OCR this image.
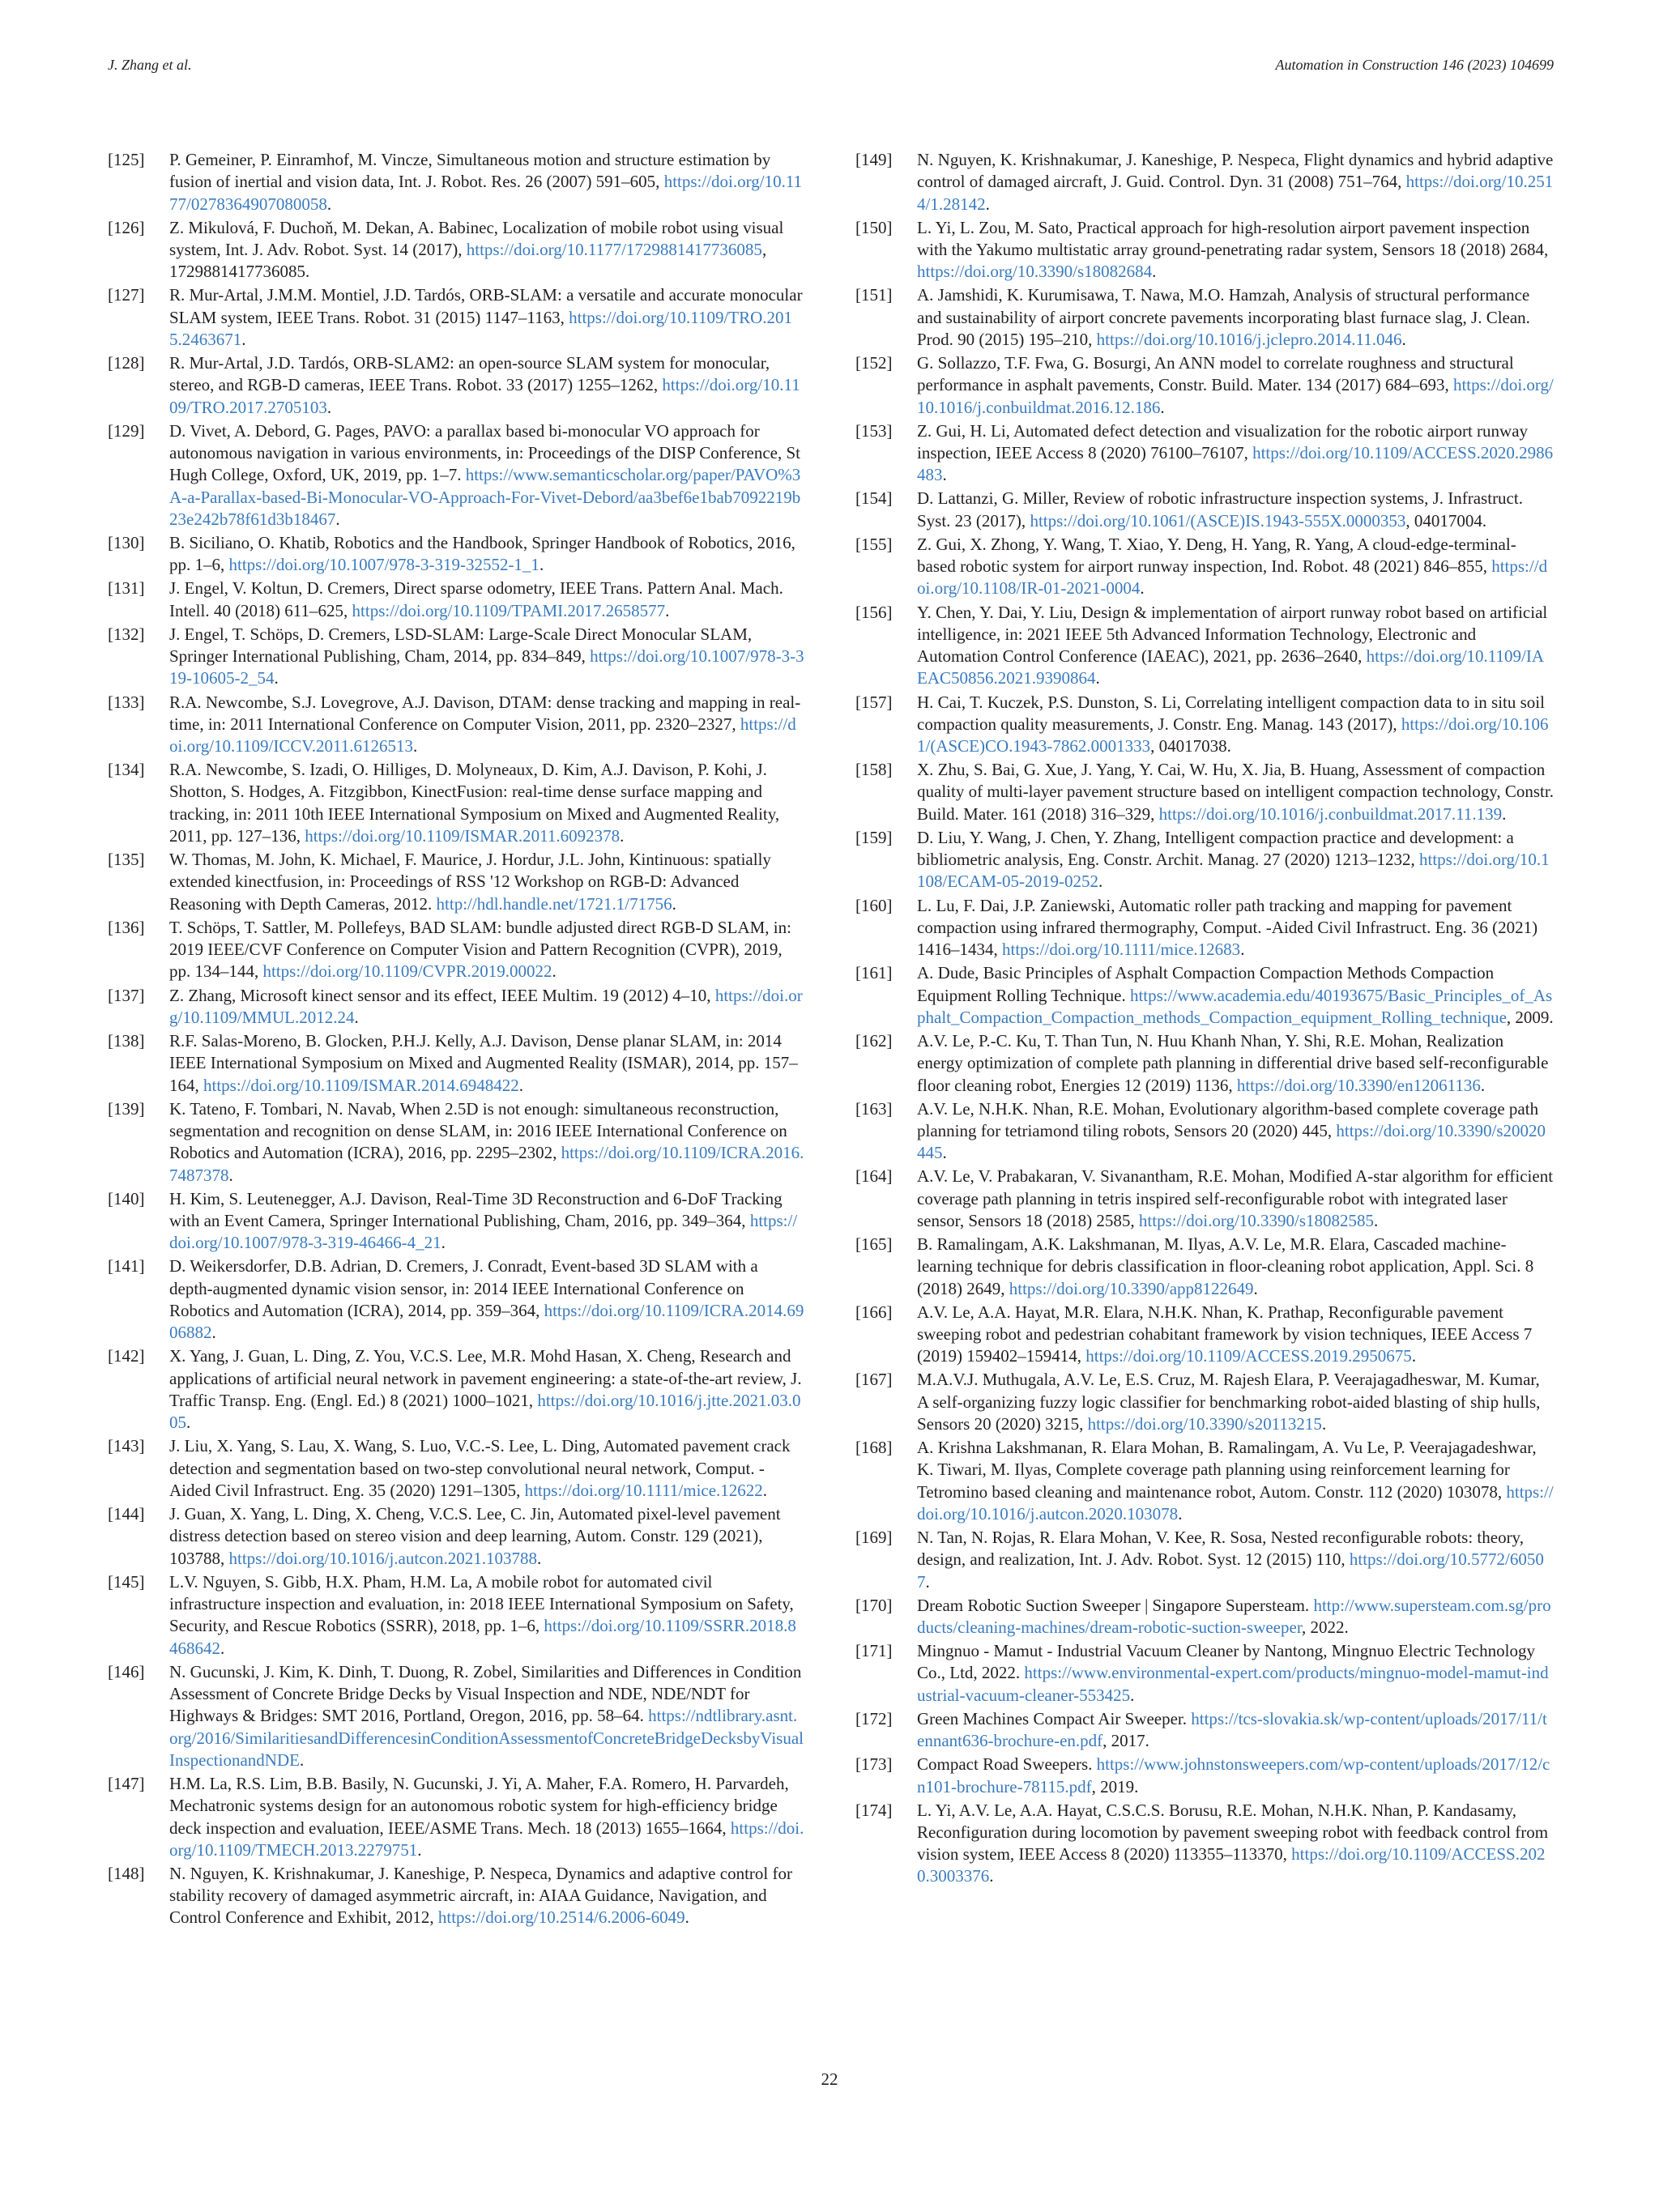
J. Zhang et al.	Automation in Construction 146 (2023) 104699
[125] P. Gemeiner, P. Einramhof, M. Vincze, Simultaneous motion and structure estimation by fusion of inertial and vision data, Int. J. Robot. Res. 26 (2007) 591–605, https://doi.org/10.1177/0278364907080058.
[126] Z. Mikulová, F. Duchoň, M. Dekan, A. Babinec, Localization of mobile robot using visual system, Int. J. Adv. Robot. Syst. 14 (2017), https://doi.org/10.1177/1729881417736085, 1729881417736085.
[127] R. Mur-Artal, J.M.M. Montiel, J.D. Tardós, ORB-SLAM: a versatile and accurate monocular SLAM system, IEEE Trans. Robot. 31 (2015) 1147–1163, https://doi.org/10.1109/TRO.2015.2463671.
[128] R. Mur-Artal, J.D. Tardós, ORB-SLAM2: an open-source SLAM system for monocular, stereo, and RGB-D cameras, IEEE Trans. Robot. 33 (2017) 1255–1262, https://doi.org/10.1109/TRO.2017.2705103.
[129] D. Vivet, A. Debord, G. Pages, PAVO: a parallax based bi-monocular VO approach for autonomous navigation in various environments, in: Proceedings of the DISP Conference, St Hugh College, Oxford, UK, 2019, pp. 1–7. https://www.semanticscholar.org/paper/PAVO%3A-a-Parallax-based-Bi-Monocular-VO-Approach-For-Vivet-Debord/aa3bef6e1bab7092219b23e242b78f61d3b18467.
[130] B. Siciliano, O. Khatib, Robotics and the Handbook, Springer Handbook of Robotics, 2016, pp. 1–6, https://doi.org/10.1007/978-3-319-32552-1_1.
[131] J. Engel, V. Koltun, D. Cremers, Direct sparse odometry, IEEE Trans. Pattern Anal. Mach. Intell. 40 (2018) 611–625, https://doi.org/10.1109/TPAMI.2017.2658577.
[132] J. Engel, T. Schöps, D. Cremers, LSD-SLAM: Large-Scale Direct Monocular SLAM, Springer International Publishing, Cham, 2014, pp. 834–849, https://doi.org/10.1007/978-3-319-10605-2_54.
[133] R.A. Newcombe, S.J. Lovegrove, A.J. Davison, DTAM: dense tracking and mapping in real-time, in: 2011 International Conference on Computer Vision, 2011, pp. 2320–2327, https://doi.org/10.1109/ICCV.2011.6126513.
[134] R.A. Newcombe, S. Izadi, O. Hilliges, D. Molyneaux, D. Kim, A.J. Davison, P. Kohi, J. Shotton, S. Hodges, A. Fitzgibbon, KinectFusion: real-time dense surface mapping and tracking, in: 2011 10th IEEE International Symposium on Mixed and Augmented Reality, 2011, pp. 127–136, https://doi.org/10.1109/ISMAR.2011.6092378.
[135] W. Thomas, M. John, K. Michael, F. Maurice, J. Hordur, J.L. John, Kintinuous: spatially extended kinectfusion, in: Proceedings of RSS '12 Workshop on RGB-D: Advanced Reasoning with Depth Cameras, 2012. http://hdl.handle.net/1721.1/71756.
[136] T. Schöps, T. Sattler, M. Pollefeys, BAD SLAM: bundle adjusted direct RGB-D SLAM, in: 2019 IEEE/CVF Conference on Computer Vision and Pattern Recognition (CVPR), 2019, pp. 134–144, https://doi.org/10.1109/CVPR.2019.00022.
[137] Z. Zhang, Microsoft kinect sensor and its effect, IEEE Multim. 19 (2012) 4–10, https://doi.org/10.1109/MMUL.2012.24.
[138] R.F. Salas-Moreno, B. Glocken, P.H.J. Kelly, A.J. Davison, Dense planar SLAM, in: 2014 IEEE International Symposium on Mixed and Augmented Reality (ISMAR), 2014, pp. 157–164, https://doi.org/10.1109/ISMAR.2014.6948422.
[139] K. Tateno, F. Tombari, N. Navab, When 2.5D is not enough: simultaneous reconstruction, segmentation and recognition on dense SLAM, in: 2016 IEEE International Conference on Robotics and Automation (ICRA), 2016, pp. 2295–2302, https://doi.org/10.1109/ICRA.2016.7487378.
[140] H. Kim, S. Leutenegger, A.J. Davison, Real-Time 3D Reconstruction and 6-DoF Tracking with an Event Camera, Springer International Publishing, Cham, 2016, pp. 349–364, https://doi.org/10.1007/978-3-319-46466-4_21.
[141] D. Weikersdorfer, D.B. Adrian, D. Cremers, J. Conradt, Event-based 3D SLAM with a depth-augmented dynamic vision sensor, in: 2014 IEEE International Conference on Robotics and Automation (ICRA), 2014, pp. 359–364, https://doi.org/10.1109/ICRA.2014.6906882.
[142] X. Yang, J. Guan, L. Ding, Z. You, V.C.S. Lee, M.R. Mohd Hasan, X. Cheng, Research and applications of artificial neural network in pavement engineering: a state-of-the-art review, J. Traffic Transp. Eng. (Engl. Ed.) 8 (2021) 1000–1021, https://doi.org/10.1016/j.jtte.2021.03.005.
[143] J. Liu, X. Yang, S. Lau, X. Wang, S. Luo, V.C.-S. Lee, L. Ding, Automated pavement crack detection and segmentation based on two-step convolutional neural network, Comput. -Aided Civil Infrastruct. Eng. 35 (2020) 1291–1305, https://doi.org/10.1111/mice.12622.
[144] J. Guan, X. Yang, L. Ding, X. Cheng, V.C.S. Lee, C. Jin, Automated pixel-level pavement distress detection based on stereo vision and deep learning, Autom. Constr. 129 (2021), 103788, https://doi.org/10.1016/j.autcon.2021.103788.
[145] L.V. Nguyen, S. Gibb, H.X. Pham, H.M. La, A mobile robot for automated civil infrastructure inspection and evaluation, in: 2018 IEEE International Symposium on Safety, Security, and Rescue Robotics (SSRR), 2018, pp. 1–6, https://doi.org/10.1109/SSRR.2018.8468642.
[146] N. Gucunski, J. Kim, K. Dinh, T. Duong, R. Zobel, Similarities and Differences in Condition Assessment of Concrete Bridge Decks by Visual Inspection and NDE, NDE/NDT for Highways & Bridges: SMT 2016, Portland, Oregon, 2016, pp. 58–64. https://ndtlibrary.asnt.org/2016/SimilaritiesandDifferencesinConditionAssessmentofConcreteBridgeDecksbyVisualInspectionandNDE.
[147] H.M. La, R.S. Lim, B.B. Basily, N. Gucunski, J. Yi, A. Maher, F.A. Romero, H. Parvardeh, Mechatronic systems design for an autonomous robotic system for high-efficiency bridge deck inspection and evaluation, IEEE/ASME Trans. Mech. 18 (2013) 1655–1664, https://doi.org/10.1109/TMECH.2013.2279751.
[148] N. Nguyen, K. Krishnakumar, J. Kaneshige, P. Nespeca, Dynamics and adaptive control for stability recovery of damaged asymmetric aircraft, in: AIAA Guidance, Navigation, and Control Conference and Exhibit, 2012, https://doi.org/10.2514/6.2006-6049.
[149] N. Nguyen, K. Krishnakumar, J. Kaneshige, P. Nespeca, Flight dynamics and hybrid adaptive control of damaged aircraft, J. Guid. Control. Dyn. 31 (2008) 751–764, https://doi.org/10.2514/1.28142.
[150] L. Yi, L. Zou, M. Sato, Practical approach for high-resolution airport pavement inspection with the Yakumo multistatic array ground-penetrating radar system, Sensors 18 (2018) 2684, https://doi.org/10.3390/s18082684.
[151] A. Jamshidi, K. Kurumisawa, T. Nawa, M.O. Hamzah, Analysis of structural performance and sustainability of airport concrete pavements incorporating blast furnace slag, J. Clean. Prod. 90 (2015) 195–210, https://doi.org/10.1016/j.jclepro.2014.11.046.
[152] G. Sollazzo, T.F. Fwa, G. Bosurgi, An ANN model to correlate roughness and structural performance in asphalt pavements, Constr. Build. Mater. 134 (2017) 684–693, https://doi.org/10.1016/j.conbuildmat.2016.12.186.
[153] Z. Gui, H. Li, Automated defect detection and visualization for the robotic airport runway inspection, IEEE Access 8 (2020) 76100–76107, https://doi.org/10.1109/ACCESS.2020.2986483.
[154] D. Lattanzi, G. Miller, Review of robotic infrastructure inspection systems, J. Infrastruct. Syst. 23 (2017), https://doi.org/10.1061/(ASCE)IS.1943-555X.0000353, 04017004.
[155] Z. Gui, X. Zhong, Y. Wang, T. Xiao, Y. Deng, H. Yang, R. Yang, A cloud-edge-terminal-based robotic system for airport runway inspection, Ind. Robot. 48 (2021) 846–855, https://doi.org/10.1108/IR-01-2021-0004.
[156] Y. Chen, Y. Dai, Y. Liu, Design & implementation of airport runway robot based on artificial intelligence, in: 2021 IEEE 5th Advanced Information Technology, Electronic and Automation Control Conference (IAEAC), 2021, pp. 2636–2640, https://doi.org/10.1109/IAEAC50856.2021.9390864.
[157] H. Cai, T. Kuczek, P.S. Dunston, S. Li, Correlating intelligent compaction data to in situ soil compaction quality measurements, J. Constr. Eng. Manag. 143 (2017), https://doi.org/10.1061/(ASCE)CO.1943-7862.0001333, 04017038.
[158] X. Zhu, S. Bai, G. Xue, J. Yang, Y. Cai, W. Hu, X. Jia, B. Huang, Assessment of compaction quality of multi-layer pavement structure based on intelligent compaction technology, Constr. Build. Mater. 161 (2018) 316–329, https://doi.org/10.1016/j.conbuildmat.2017.11.139.
[159] D. Liu, Y. Wang, J. Chen, Y. Zhang, Intelligent compaction practice and development: a bibliometric analysis, Eng. Constr. Archit. Manag. 27 (2020) 1213–1232, https://doi.org/10.1108/ECAM-05-2019-0252.
[160] L. Lu, F. Dai, J.P. Zaniewski, Automatic roller path tracking and mapping for pavement compaction using infrared thermography, Comput. -Aided Civil Infrastruct. Eng. 36 (2021) 1416–1434, https://doi.org/10.1111/mice.12683.
[161] A. Dude, Basic Principles of Asphalt Compaction Compaction Methods Compaction Equipment Rolling Technique. https://www.academia.edu/40193675/Basic_Principles_of_Asphalt_Compaction_Compaction_methods_Compaction_equipment_Rolling_technique, 2009.
[162] A.V. Le, P.-C. Ku, T. Than Tun, N. Huu Khanh Nhan, Y. Shi, R.E. Mohan, Realization energy optimization of complete path planning in differential drive based self-reconfigurable floor cleaning robot, Energies 12 (2019) 1136, https://doi.org/10.3390/en12061136.
[163] A.V. Le, N.H.K. Nhan, R.E. Mohan, Evolutionary algorithm-based complete coverage path planning for tetriamond tiling robots, Sensors 20 (2020) 445, https://doi.org/10.3390/s20020445.
[164] A.V. Le, V. Prabakaran, V. Sivanantham, R.E. Mohan, Modified A-star algorithm for efficient coverage path planning in tetris inspired self-reconfigurable robot with integrated laser sensor, Sensors 18 (2018) 2585, https://doi.org/10.3390/s18082585.
[165] B. Ramalingam, A.K. Lakshmanan, M. Ilyas, A.V. Le, M.R. Elara, Cascaded machine-learning technique for debris classification in floor-cleaning robot application, Appl. Sci. 8 (2018) 2649, https://doi.org/10.3390/app8122649.
[166] A.V. Le, A.A. Hayat, M.R. Elara, N.H.K. Nhan, K. Prathap, Reconfigurable pavement sweeping robot and pedestrian cohabitant framework by vision techniques, IEEE Access 7 (2019) 159402–159414, https://doi.org/10.1109/ACCESS.2019.2950675.
[167] M.A.V.J. Muthugala, A.V. Le, E.S. Cruz, M. Rajesh Elara, P. Veerajagadheswar, M. Kumar, A self-organizing fuzzy logic classifier for benchmarking robot-aided blasting of ship hulls, Sensors 20 (2020) 3215, https://doi.org/10.3390/s20113215.
[168] A. Krishna Lakshmanan, R. Elara Mohan, B. Ramalingam, A. Vu Le, P. Veerajagadeshwar, K. Tiwari, M. Ilyas, Complete coverage path planning using reinforcement learning for Tetromino based cleaning and maintenance robot, Autom. Constr. 112 (2020) 103078, https://doi.org/10.1016/j.autcon.2020.103078.
[169] N. Tan, N. Rojas, R. Elara Mohan, V. Kee, R. Sosa, Nested reconfigurable robots: theory, design, and realization, Int. J. Adv. Robot. Syst. 12 (2015) 110, https://doi.org/10.5772/60507.
[170] Dream Robotic Suction Sweeper | Singapore Supersteam. http://www.supersteam.com.sg/products/cleaning-machines/dream-robotic-suction-sweeper, 2022.
[171] Mingnuo - Mamut - Industrial Vacuum Cleaner by Nantong, Mingnuo Electric Technology Co., Ltd, 2022. https://www.environmental-expert.com/products/mingnuo-model-mamut-industrial-vacuum-cleaner-553425.
[172] Green Machines Compact Air Sweeper. https://tcs-slovakia.sk/wp-content/uploads/2017/11/tennant636-brochure-en.pdf, 2017.
[173] Compact Road Sweepers. https://www.johnstonsweepers.com/wp-content/uploads/2017/12/cn101-brochure-78115.pdf, 2019.
[174] L. Yi, A.V. Le, A.A. Hayat, C.S.C.S. Borusu, R.E. Mohan, N.H.K. Nhan, P. Kandasamy, Reconfiguration during locomotion by pavement sweeping robot with feedback control from vision system, IEEE Access 8 (2020) 113355–113370, https://doi.org/10.1109/ACCESS.2020.3003376.
22
